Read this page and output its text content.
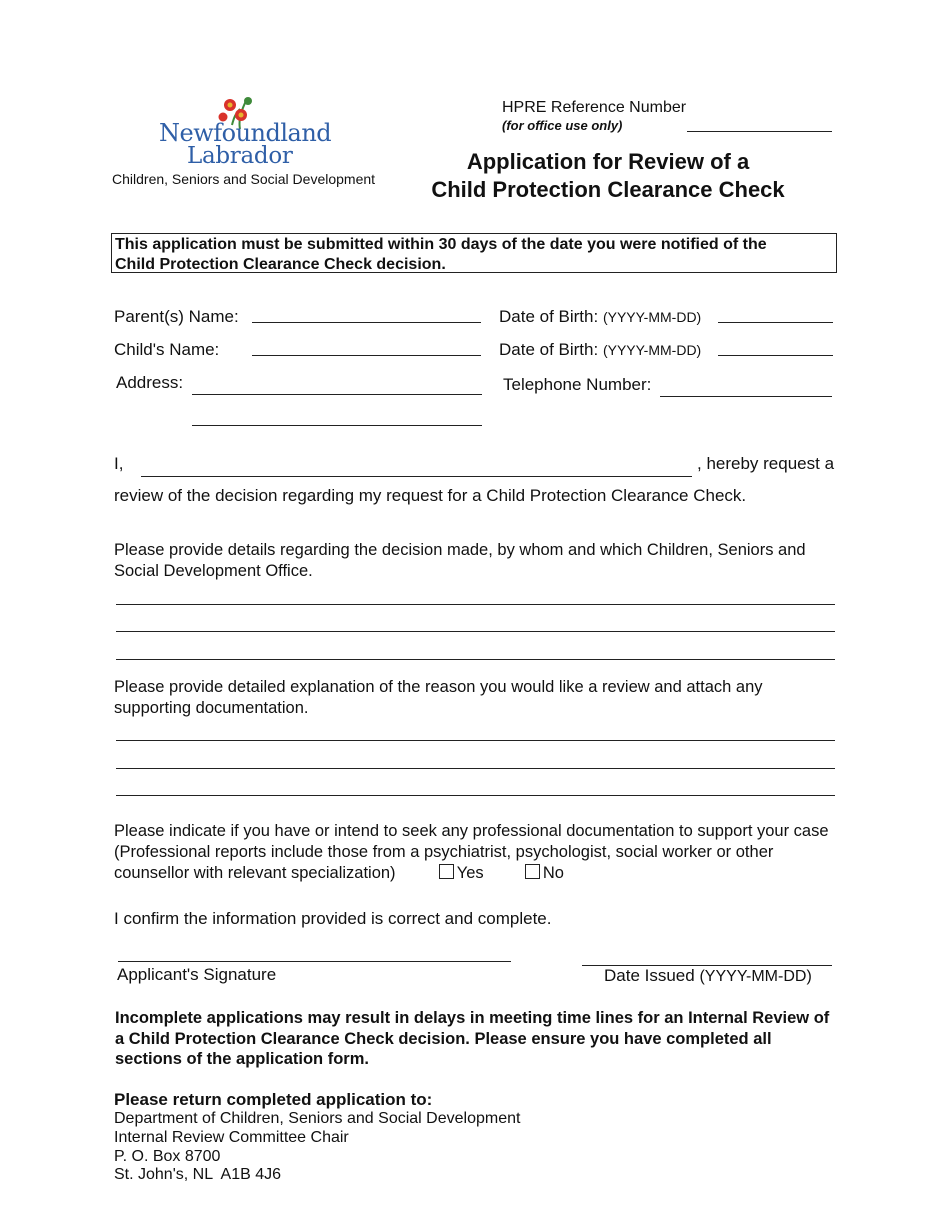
Newfoundland
Labrador
Children, Seniors and Social Development
HPRE Reference Number
(for office use only)
Application for Review of a
Child Protection Clearance Check
This application must be submitted within 30 days of the date you were notified of the
Child Protection Clearance Check decision.
Parent(s) Name:	Date of Birth: (YYYY-MM-DD)
Child's Name:	Date of Birth: (YYYY-MM-DD)
Address:	Telephone Number:
I,	, hereby request a
review of the decision regarding my request for a Child Protection Clearance Check.
Please provide details regarding the decision made, by whom and which Children, Seniors and Social Development Office.
Please provide detailed explanation of the reason you would like a review and attach any supporting documentation.
Please indicate if you have or intend to seek any professional documentation to support your case (Professional reports include those from a psychiatrist, psychologist, social worker or other counsellor with relevant specialization)	Yes	No
I confirm the information provided is correct and complete.
Applicant's Signature	Date Issued (YYYY-MM-DD)
Incomplete applications may result in delays in meeting time lines for an Internal Review of a Child Protection Clearance Check decision. Please ensure you have completed all sections of the application form.
Please return completed application to:
Department of Children, Seniors and Social Development
Internal Review Committee Chair
P. O. Box 8700
St. John's, NL  A1B 4J6
